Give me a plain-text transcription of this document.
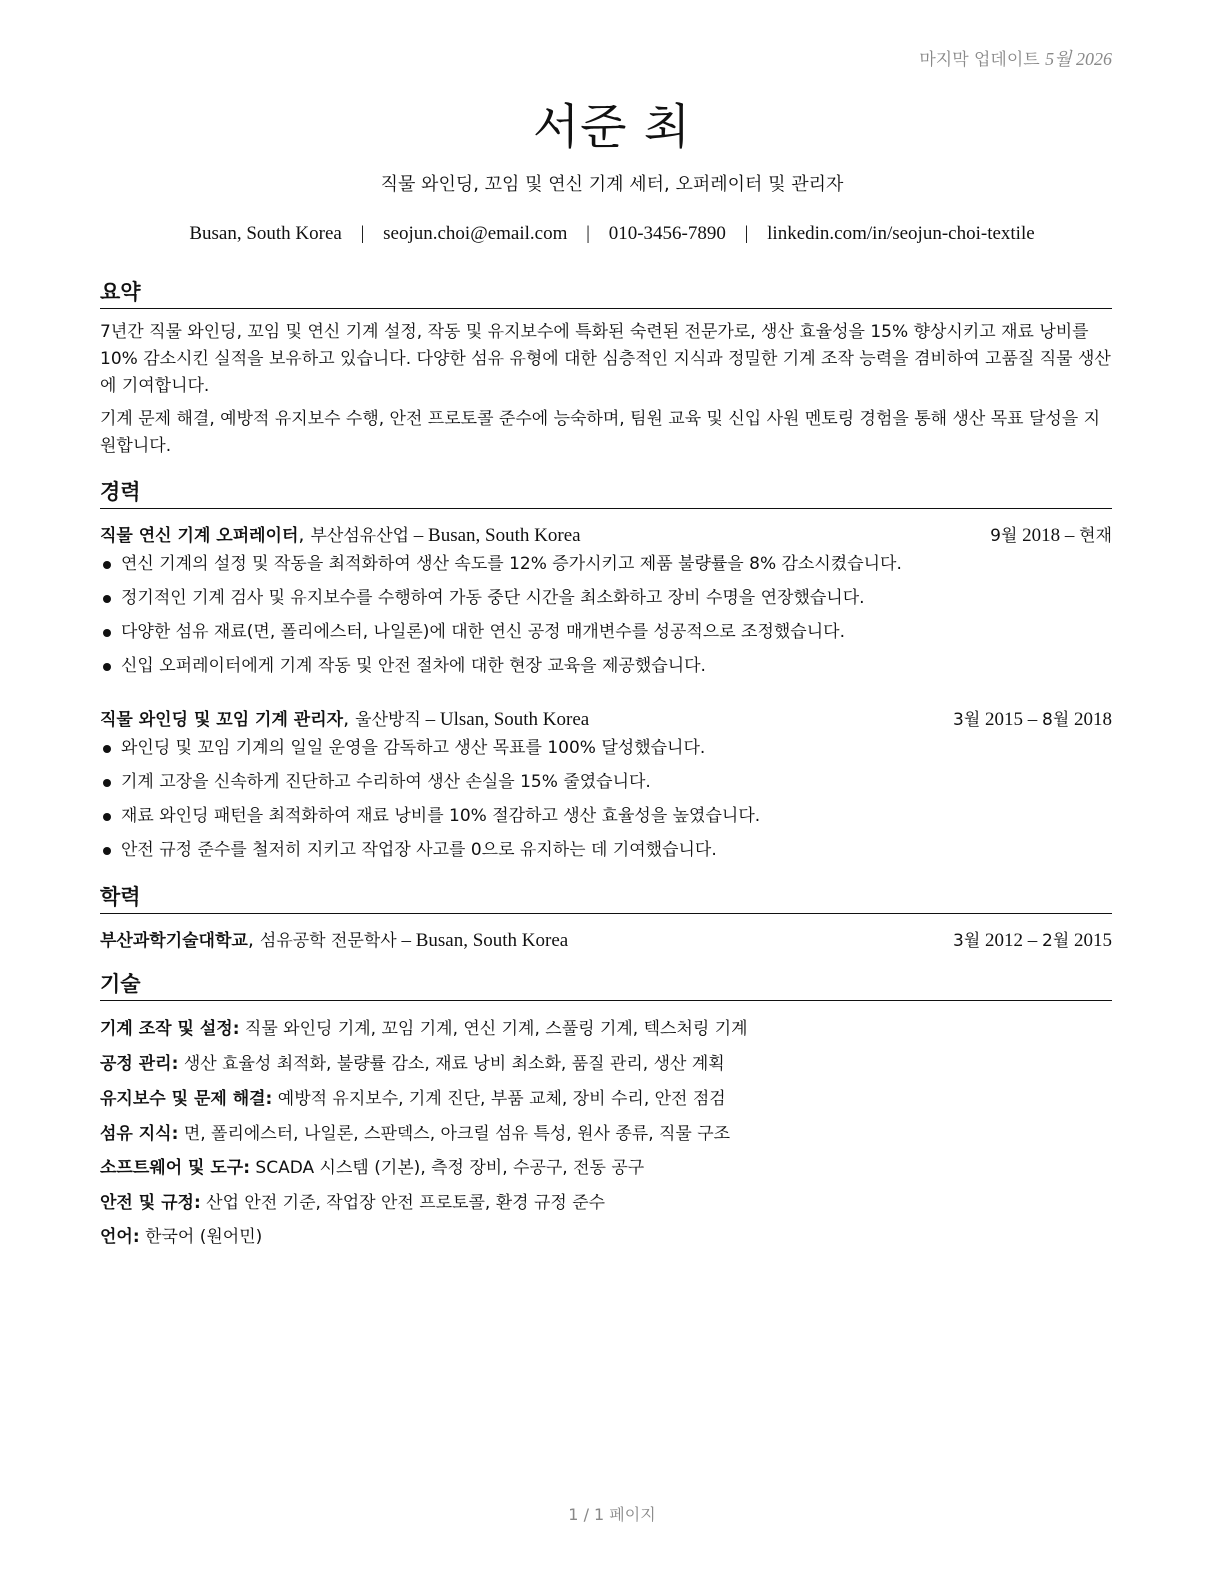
마지막 업데이트 5월 2026
서준 최
직물 와인딩, 꼬임 및 연신 기계 세터, 오퍼레이터 및 관리자
Busan, South Korea | seojun.choi@email.com | 010-3456-7890 | linkedin.com/in/seojun-choi-textile
요약
7년간 직물 와인딩, 꼬임 및 연신 기계 설정, 작동 및 유지보수에 특화된 숙련된 전문가로, 생산 효율성을 15% 향상시키고 재료 낭비를 10% 감소시킨 실적을 보유하고 있습니다. 다양한 섬유 유형에 대한 심층적인 지식과 정밀한 기계 조작 능력을 겸비하여 고품질 직물 생산에 기여합니다.
기계 문제 해결, 예방적 유지보수 수행, 안전 프로토콜 준수에 능숙하며, 팀원 교육 및 신입 사원 멘토링 경험을 통해 생산 목표 달성을 지원합니다.
경력
직물 연신 기계 오퍼레이터, 부산섬유산업 – Busan, South Korea	9월 2018 – 현재
연신 기계의 설정 및 작동을 최적화하여 생산 속도를 12% 증가시키고 제품 불량률을 8% 감소시켰습니다.
정기적인 기계 검사 및 유지보수를 수행하여 가동 중단 시간을 최소화하고 장비 수명을 연장했습니다.
다양한 섬유 재료(면, 폴리에스터, 나일론)에 대한 연신 공정 매개변수를 성공적으로 조정했습니다.
신입 오퍼레이터에게 기계 작동 및 안전 절차에 대한 현장 교육을 제공했습니다.
직물 와인딩 및 꼬임 기계 관리자, 울산방직 – Ulsan, South Korea	3월 2015 – 8월 2018
와인딩 및 꼬임 기계의 일일 운영을 감독하고 생산 목표를 100% 달성했습니다.
기계 고장을 신속하게 진단하고 수리하여 생산 손실을 15% 줄였습니다.
재료 와인딩 패턴을 최적화하여 재료 낭비를 10% 절감하고 생산 효율성을 높였습니다.
안전 규정 준수를 철저히 지키고 작업장 사고를 0으로 유지하는 데 기여했습니다.
학력
부산과학기술대학교, 섬유공학 전문학사 – Busan, South Korea	3월 2012 – 2월 2015
기술
기계 조작 및 설정: 직물 와인딩 기계, 꼬임 기계, 연신 기계, 스풀링 기계, 텍스처링 기계
공정 관리: 생산 효율성 최적화, 불량률 감소, 재료 낭비 최소화, 품질 관리, 생산 계획
유지보수 및 문제 해결: 예방적 유지보수, 기계 진단, 부품 교체, 장비 수리, 안전 점검
섬유 지식: 면, 폴리에스터, 나일론, 스판덱스, 아크릴 섬유 특성, 원사 종류, 직물 구조
소프트웨어 및 도구: SCADA 시스템 (기본), 측정 장비, 수공구, 전동 공구
안전 및 규정: 산업 안전 기준, 작업장 안전 프로토콜, 환경 규정 준수
언어: 한국어 (원어민)
1 / 1 페이지
